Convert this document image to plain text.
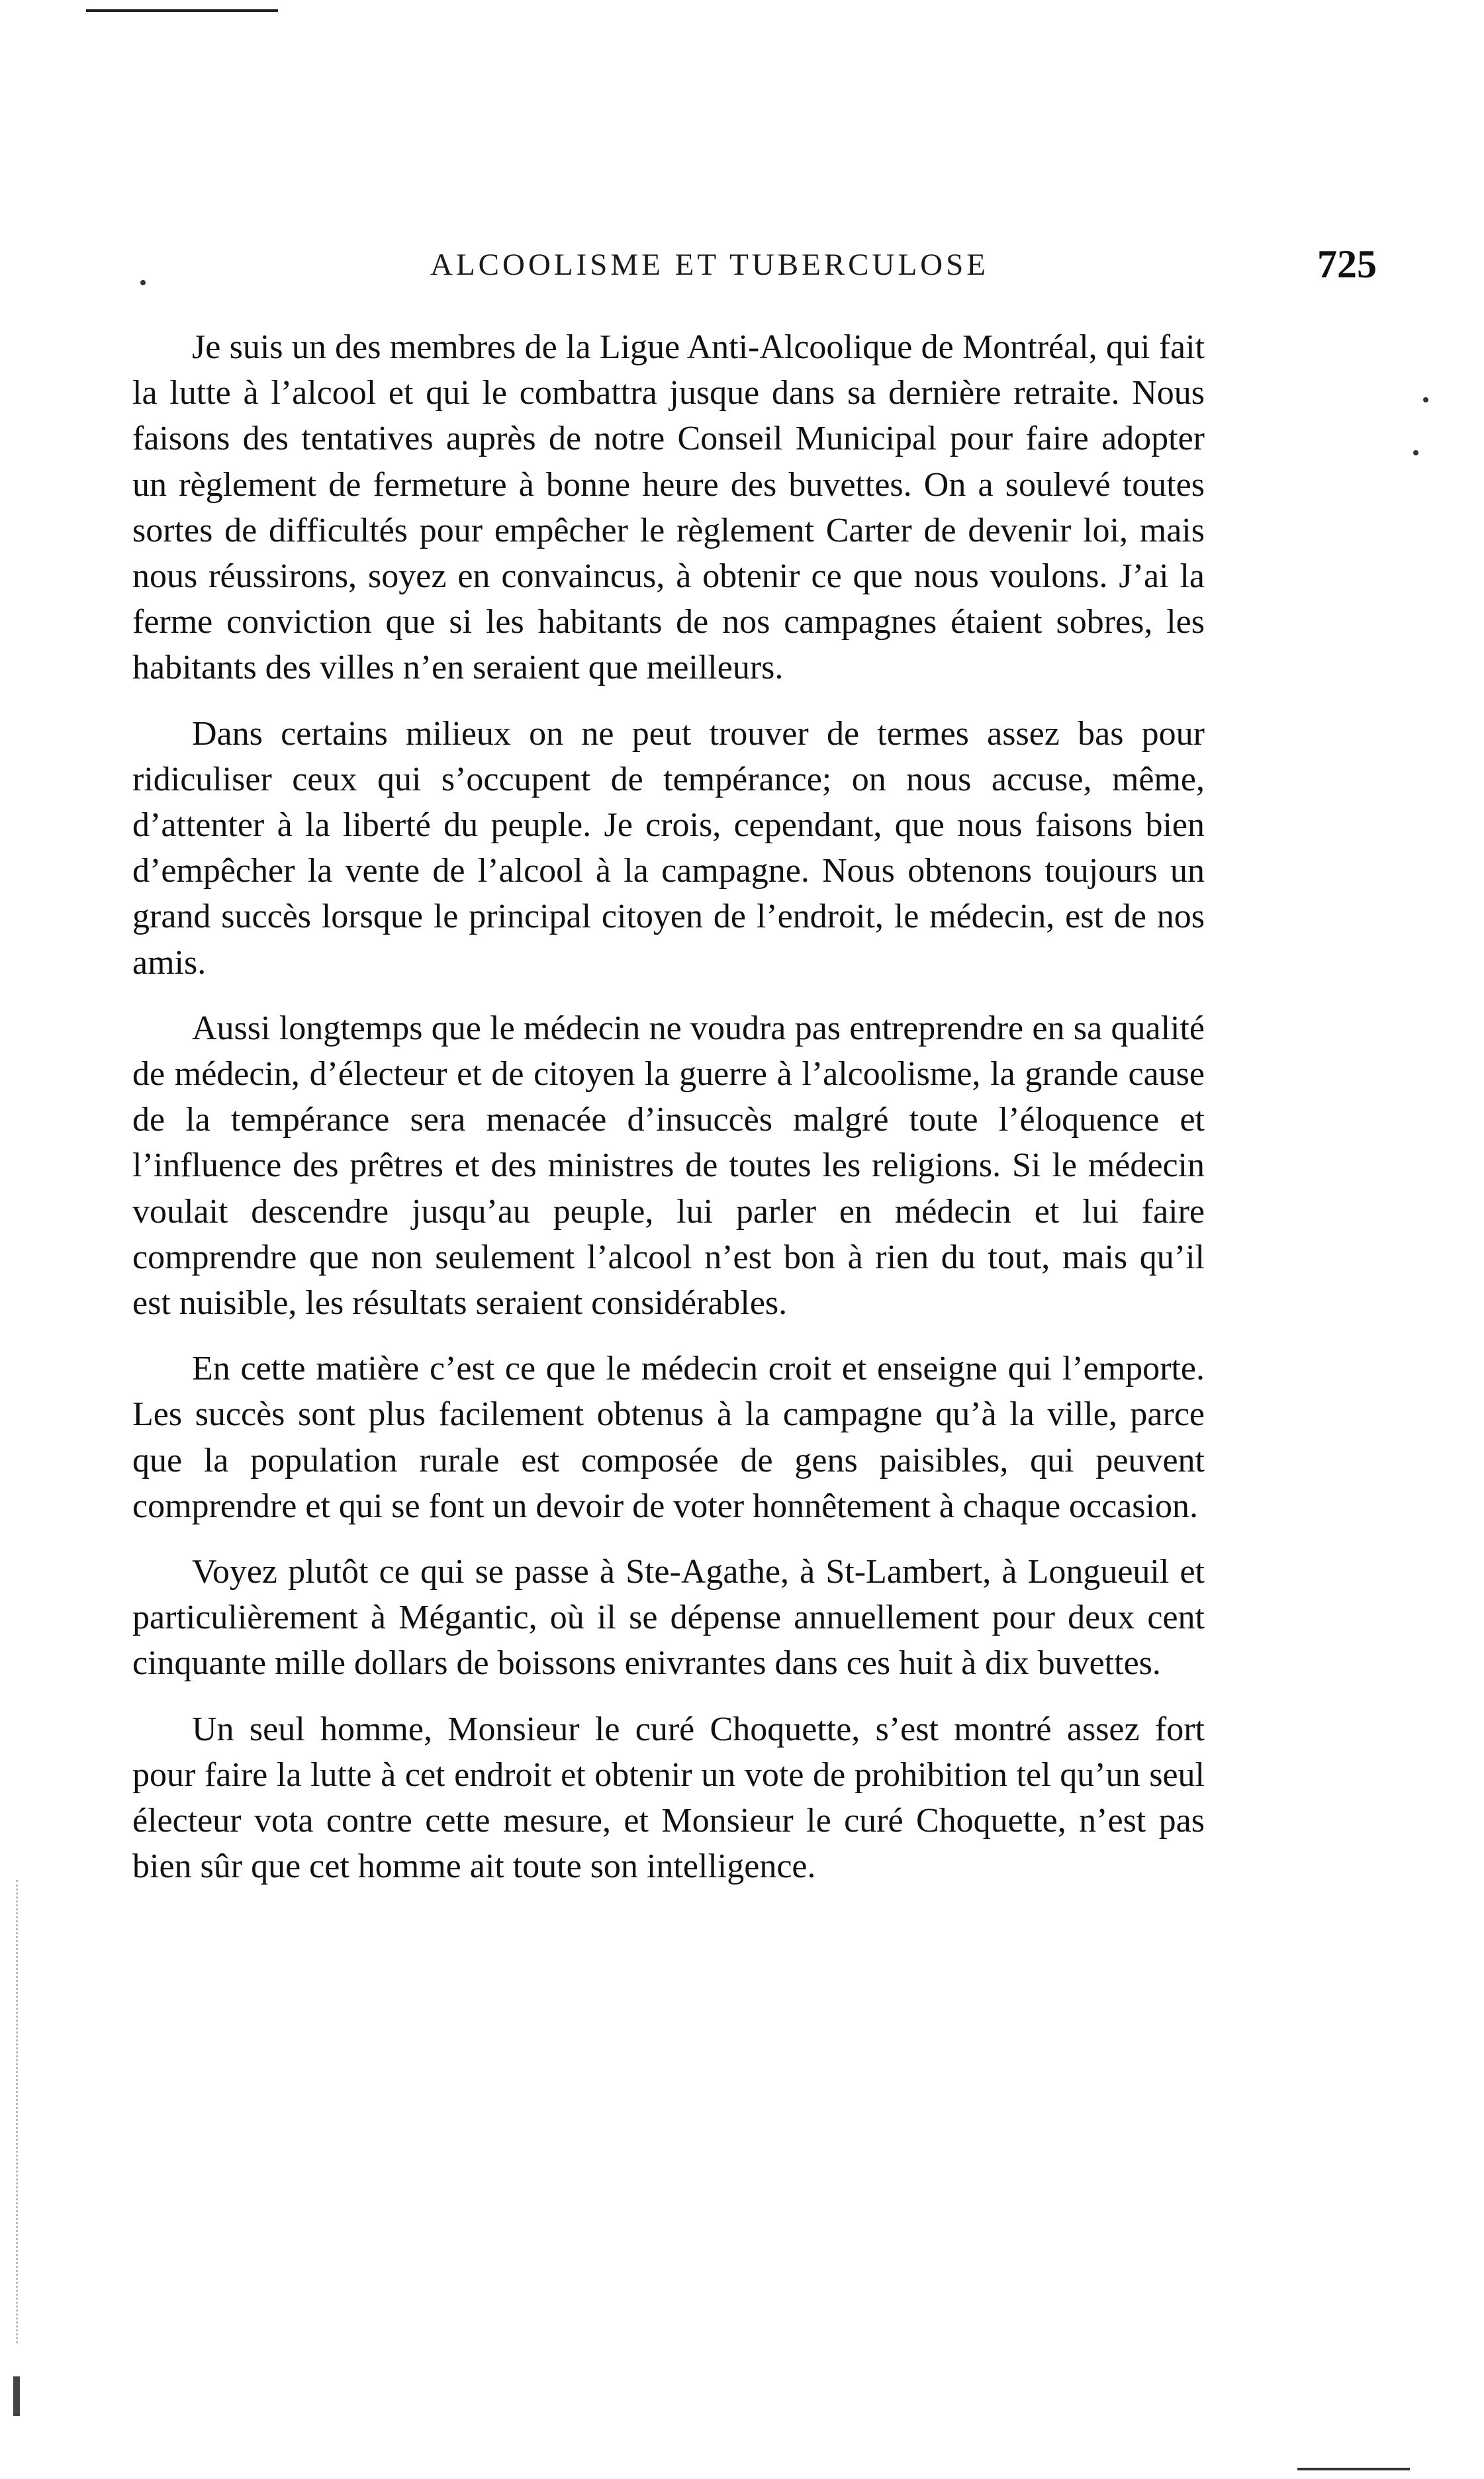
ALCOOLISME ET TUBERCULOSE	725

Je suis un des membres de la Ligue Anti-Alcoolique de Montréal, qui fait la lutte à l’alcool et qui le combattra jusque dans sa dernière retraite. Nous faisons des tentatives auprès de notre Conseil Municipal pour faire adopter un règlement de fermeture à bonne heure des buvettes. On a soulevé toutes sortes de difficultés pour empêcher le règlement Carter de devenir loi, mais nous réussirons, soyez en convaincus, à obtenir ce que nous voulons. J’ai la ferme conviction que si les habitants de nos campagnes étaient sobres, les habitants des villes n’en seraient que meilleurs.

Dans certains milieux on ne peut trouver de termes assez bas pour ridiculiser ceux qui s’occupent de tempérance; on nous accuse, même, d’attenter à la liberté du peuple. Je crois, cependant, que nous faisons bien d’empêcher la vente de l’alcool à la campagne. Nous obtenons toujours un grand succès lorsque le principal citoyen de l’endroit, le médecin, est de nos amis.

Aussi longtemps que le médecin ne voudra pas entreprendre en sa qualité de médecin, d’électeur et de citoyen la guerre à l’alcoolisme, la grande cause de la tempérance sera menacée d’insuccès malgré toute l’éloquence et l’influence des prêtres et des ministres de toutes les religions. Si le médecin voulait descendre jusqu’au peuple, lui parler en médecin et lui faire comprendre que non seulement l’alcool n’est bon à rien du tout, mais qu’il est nuisible, les résultats seraient considérables.

En cette matière c’est ce que le médecin croit et enseigne qui l’emporte. Les succès sont plus facilement obtenus à la campagne qu’à la ville, parce que la population rurale est composée de gens paisibles, qui peuvent comprendre et qui se font un devoir de voter honnêtement à chaque occasion.

Voyez plutôt ce qui se passe à Ste-Agathe, à St-Lambert, à Longueuil et particulièrement à Mégantic, où il se dépense annuellement pour deux cent cinquante mille dollars de boissons enivrantes dans ces huit à dix buvettes.

Un seul homme, Monsieur le curé Choquette, s’est montré assez fort pour faire la lutte à cet endroit et obtenir un vote de prohibition tel qu’un seul électeur vota contre cette mesure, et Monsieur le curé Choquette, n’est pas bien sûr que cet homme ait toute son intelligence.
